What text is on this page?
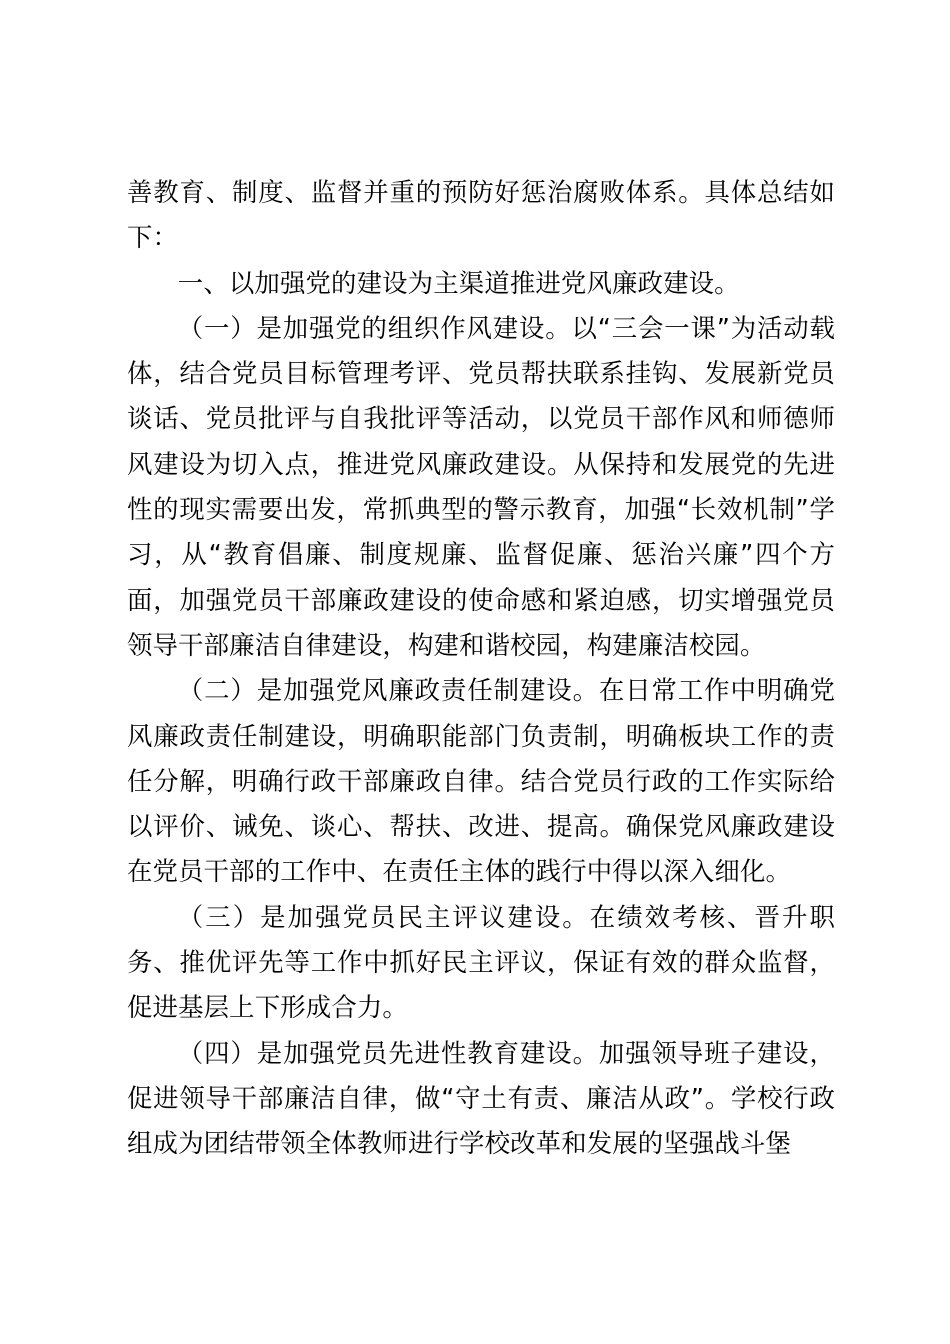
善教育、制度、监督并重的预防好惩治腐败体系。具体总结如下：

一、以加强党的建设为主渠道推进党风廉政建设。

（一）是加强党的组织作风建设。以“三会一课”为活动载体，结合党员目标管理考评、党员帮扶联系挂钩、发展新党员谈话、党员批评与自我批评等活动，以党员干部作风和师德师风建设为切入点，推进党风廉政建设。从保持和发展党的先进性的现实需要出发，常抓典型的警示教育，加强“长效机制”学习，从“教育倡廉、制度规廉、监督促廉、惩治兴廉”四个方面，加强党员干部廉政建设的使命感和紧迫感，切实增强党员领导干部廉洁自律建设，构建和谐校园，构建廉洁校园。

（二）是加强党风廉政责任制建设。在日常工作中明确党风廉政责任制建设，明确职能部门负责制，明确板块工作的责任分解，明确行政干部廉政自律。结合党员行政的工作实际给以评价、诫免、谈心、帮扶、改进、提高。确保党风廉政建设在党员干部的工作中、在责任主体的践行中得以深入细化。

（三）是加强党员民主评议建设。在绩效考核、晋升职务、推优评先等工作中抓好民主评议，保证有效的群众监督，促进基层上下形成合力。

（四）是加强党员先进性教育建设。加强领导班子建设，促进领导干部廉洁自律，做“守土有责、廉洁从政”。学校行政组成为团结带领全体教师进行学校改革和发展的坚强战斗堡
